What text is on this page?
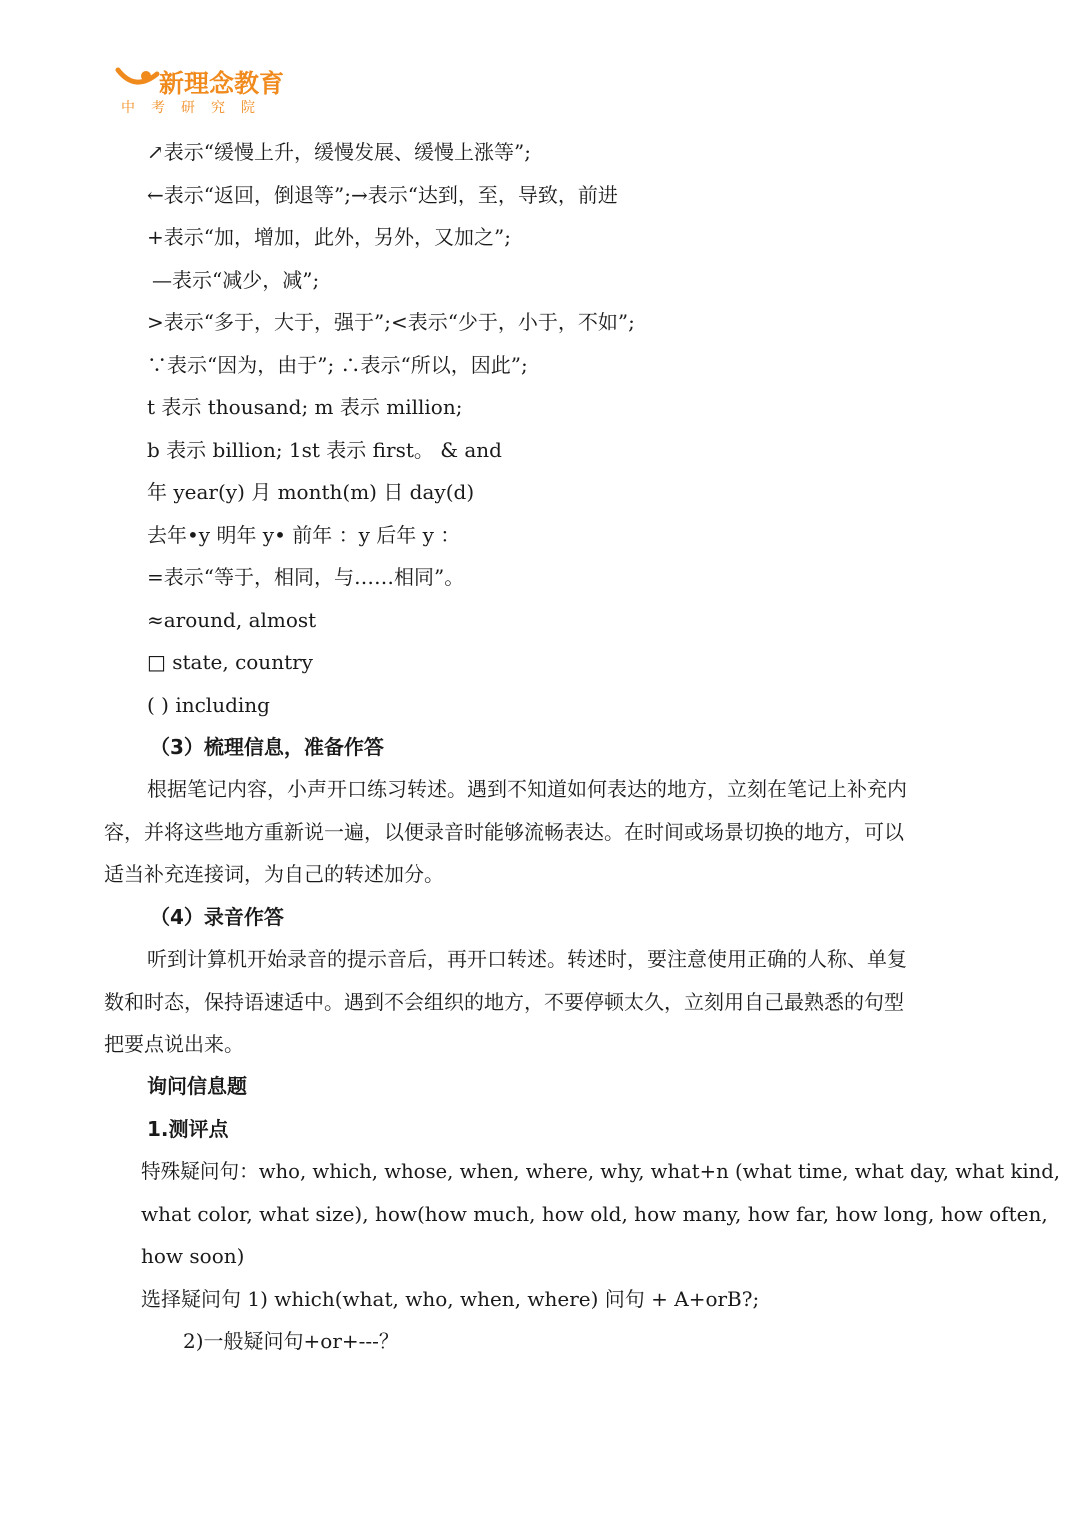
新理念教育
中考研究院
↗表示“缓慢上升，缓慢发展、缓慢上涨等”;
←表示“返回，倒退等”;→表示“达到，至，导致，前进
+表示“加，增加，此外，另外，又加之”;
—表示“减少，减”;
>表示“多于，大于，强于”;<表示“少于，小于，不如”;
∵表示“因为，由于”; ∴表示“所以，因此”;
t 表示 thousand; m 表示 million;
b 表示 billion; 1st 表示 first。 & and
年 year(y) 月 month(m) 日 day(d)
去年•y 明年 y• 前年 ：y 后年 y ：
=表示“等于，相同，与……相同”。
≈around, almost
□ state, country
( ) including
（3）梳理信息，准备作答
根据笔记内容，小声开口练习转述。遇到不知道如何表达的地方，立刻在笔记上补充内
容，并将这些地方重新说一遍，以便录音时能够流畅表达。在时间或场景切换的地方，可以
适当补充连接词，为自己的转述加分。
（4）录音作答
听到计算机开始录音的提示音后，再开口转述。转述时，要注意使用正确的人称、单复
数和时态，保持语速适中。遇到不会组织的地方，不要停顿太久，立刻用自己最熟悉的句型
把要点说出来。
询问信息题
1.测评点
特殊疑问句：who, which, whose, when, where, why, what+n (what time, what day, what kind,
what color, what size), how(how much, how old, how many, how far, how long, how often,
how soon)
选择疑问句 1) which(what, who, when, where) 问句 + A+orB?;
2)一般疑问句+or+---？
